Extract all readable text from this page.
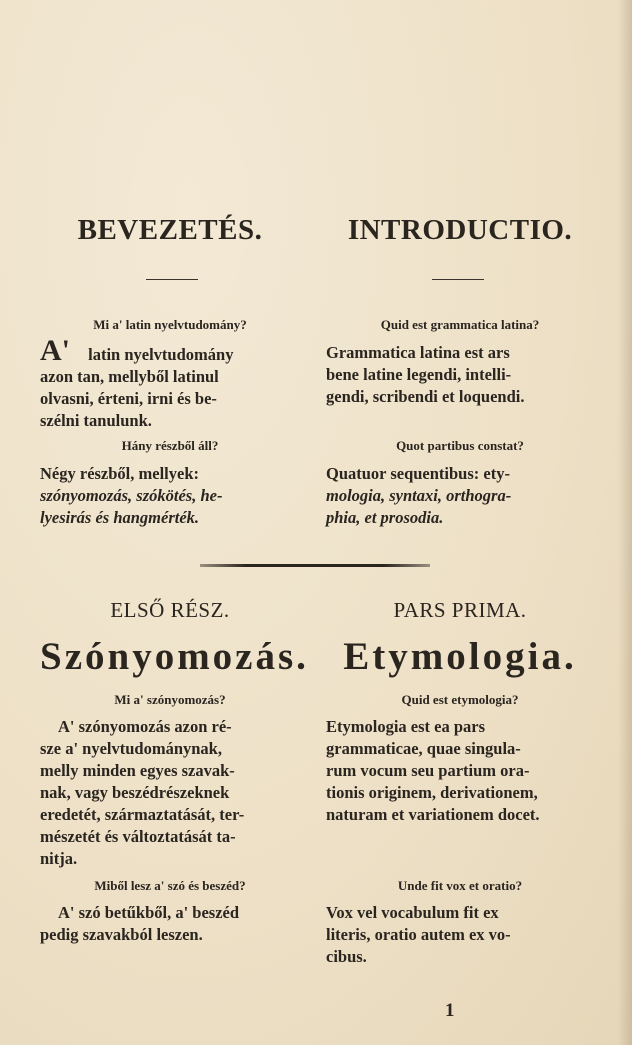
BEVEZETÉS.
Mi a' latin nyelvtudomány?
A' latin nyelvtudomány
azon tan, mellyből latinul
olvasni, érteni, irni és be-
szélni tanulunk.
Hány részből áll?
Négy részből, mellyek:
szónyomozás, szókötés, he-
lyesirás és hangmérték.
ELSŐ RÉSZ.
Szónyomozás.
Mi a' szónyomozás?
A' szónyomozás azon ré-
sze a' nyelvtudománynak,
melly minden egyes szavak-
nak, vagy beszédrészeknek
eredetét, származtatását, ter-
mészetét és változtatását ta-
nitja.
Miből lesz a' szó és beszéd?
A' szó betűkből, a' beszéd
pedig szavakból leszen.
INTRODUCTIO.
Quid est grammatica latina?
Grammatica latina est ars
bene latine legendi, intelli-
gendi, scribendi et loquendi.
Quot partibus constat?
Quatuor sequentibus: ety-
mologia, syntaxi, orthogra-
phia, et prosodia.
PARS PRIMA.
Etymologia.
Quid est etymologia?
Etymologia est ea pars
grammaticae, quae singula-
rum vocum seu partium ora-
tionis originem, derivationem,
naturam et variationem docet.
Unde fit vox et oratio?
Vox vel vocabulum fit ex
literis, oratio autem ex vo-
cibus.
1
